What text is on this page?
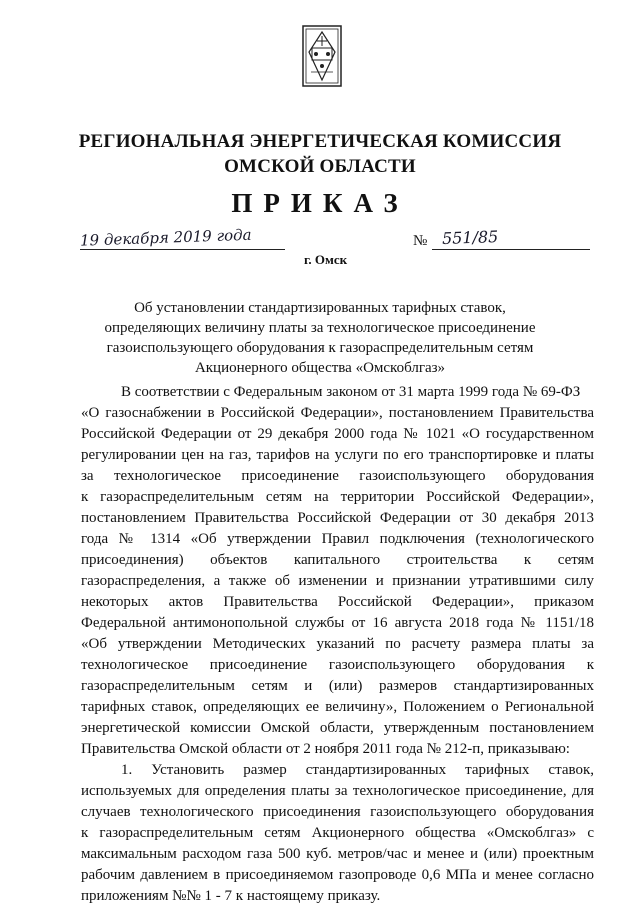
РЕГИОНАЛЬНАЯ ЭНЕРГЕТИЧЕСКАЯ КОМИССИЯ
ОМСКОЙ ОБЛАСТИ
ПРИКАЗ
19 декабря 2019 года
г. Омск
№ 551/85
Об установлении стандартизированных тарифных ставок,
определяющих величину платы за технологическое присоединение
газоиспользующего оборудования к газораспределительным сетям
Акционерного общества «Омскоблгаз»
В соответствии с Федеральным законом от 31 марта 1999 года № 69-ФЗ
«О газоснабжении в Российской Федерации», постановлением Правительства
Российской Федерации от 29 декабря 2000 года № 1021 «О государственном
регулировании цен на газ, тарифов на услуги по его транспортировке и платы
за технологическое присоединение газоиспользующего оборудования
к газораспределительным сетям на территории Российской Федерации»,
постановлением Правительства Российской Федерации от 30 декабря 2013
года № 1314 «Об утверждении Правил подключения (технологического
присоединения) объектов капитального строительства к сетям
газораспределения, а также об изменении и признании утратившими силу
некоторых актов Правительства Российской Федерации», приказом
Федеральной антимонопольной службы от 16 августа 2018 года № 1151/18
«Об утверждении Методических указаний по расчету размера платы за
технологическое присоединение газоиспользующего оборудования к
газораспределительным сетям и (или) размеров стандартизированных
тарифных ставок, определяющих ее величину», Положением о Региональной
энергетической комиссии Омской области, утвержденным постановлением
Правительства Омской области от 2 ноября 2011 года № 212-п, приказываю:
1. Установить размер стандартизированных тарифных ставок,
используемых для определения платы за технологическое присоединение, для
случаев технологического присоединения газоиспользующего оборудования
к газораспределительным сетям Акционерного общества «Омскоблгаз» с
максимальным расходом газа 500 куб. метров/час и менее и (или) проектным
рабочим давлением в присоединяемом газопроводе 0,6 МПа и менее согласно
приложениям №№ 1 - 7 к настоящему приказу.
